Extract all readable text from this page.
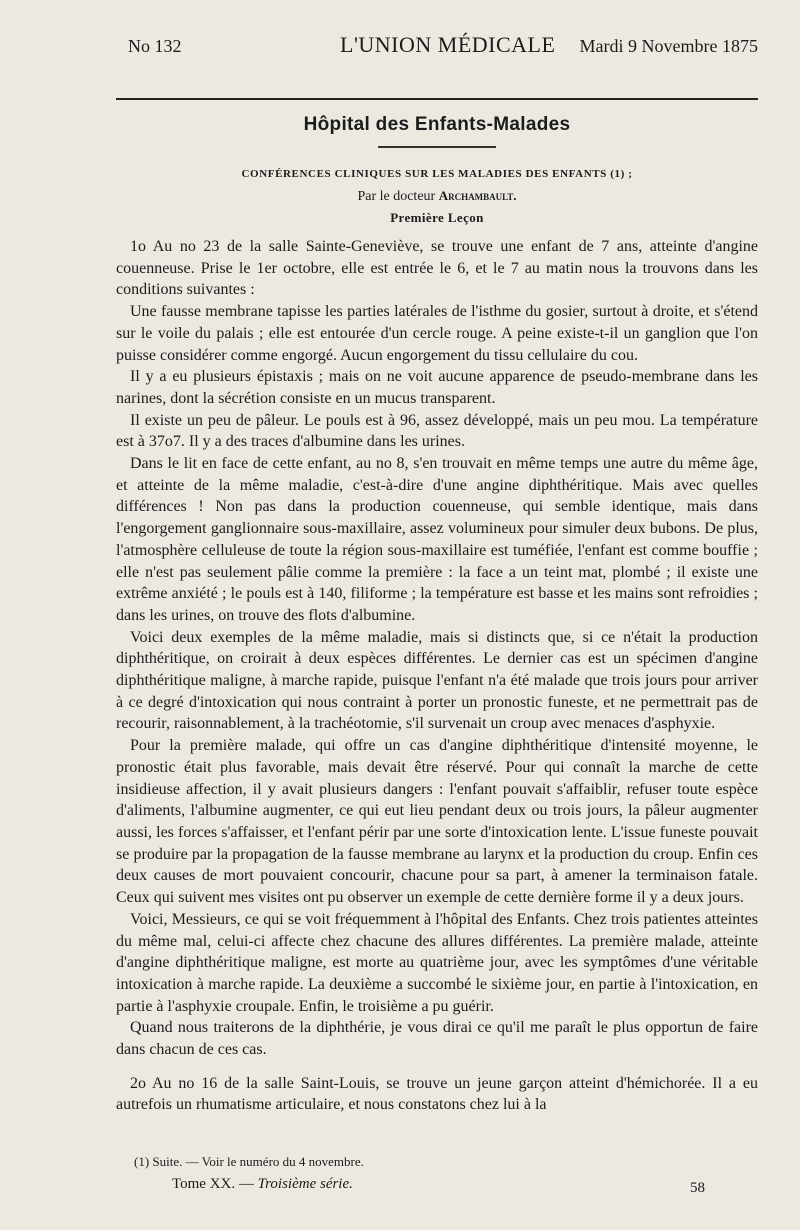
No 132	L'UNION MÉDICALE Mardi 9 Novembre 1875
Hôpital des Enfants-Malades
CONFÉRENCES CLINIQUES SUR LES MALADIES DES ENFANTS (1) ;
Par le docteur Archambault.
Première Leçon

1o Au no 23 de la salle Sainte-Geneviève, se trouve une enfant de 7 ans, atteinte d'angine couenneuse. Prise le 1er octobre, elle est entrée le 6, et le 7 au matin nous la trouvons dans les conditions suivantes :

Une fausse membrane tapisse les parties latérales de l'isthme du gosier, surtout à droite, et s'étend sur le voile du palais ; elle est entourée d'un cercle rouge. A peine existe-t-il un ganglion que l'on puisse considérer comme engorgé. Aucun engorgement du tissu cellulaire du cou.

Il y a eu plusieurs épistaxis ; mais on ne voit aucune apparence de pseudo-membrane dans les narines, dont la sécrétion consiste en un mucus transparent.

Il existe un peu de pâleur. Le pouls est à 96, assez développé, mais un peu mou. La température est à 37o7. Il y a des traces d'albumine dans les urines.

Dans le lit en face de cette enfant, au no 8, s'en trouvait en même temps une autre du même âge, et atteinte de la même maladie, c'est-à-dire d'une angine diphthéritique. Mais avec quelles différences ! Non pas dans la production couenneuse, qui semble identique, mais dans l'engorgement ganglionnaire sous-maxillaire, assez volumineux pour simuler deux bubons. De plus, l'atmosphère celluleuse de toute la région sous-maxillaire est tuméfiée, l'enfant est comme bouffie ; elle n'est pas seulement pâlie comme la première : la face a un teint mat, plombé ; il existe une extrême anxiété ; le pouls est à 140, filiforme ; la température est basse et les mains sont refroidies ; dans les urines, on trouve des flots d'albumine.

Voici deux exemples de la même maladie, mais si distincts que, si ce n'était la production diphthéritique, on croirait à deux espèces différentes. Le dernier cas est un spécimen d'angine diphthéritique maligne, à marche rapide, puisque l'enfant n'a été malade que trois jours pour arriver à ce degré d'intoxication qui nous contraint à porter un pronostic funeste, et ne permettrait pas de recourir, raisonnablement, à la trachéotomie, s'il survenait un croup avec menaces d'asphyxie.

Pour la première malade, qui offre un cas d'angine diphthéritique d'intensité moyenne, le pronostic était plus favorable, mais devait être réservé. Pour qui connaît la marche de cette insidieuse affection, il y avait plusieurs dangers : l'enfant pouvait s'affaiblir, refuser toute espèce d'aliments, l'albumine augmenter, ce qui eut lieu pendant deux ou trois jours, la pâleur augmenter aussi, les forces s'affaisser, et l'enfant périr par une sorte d'intoxication lente. L'issue funeste pouvait se produire par la propagation de la fausse membrane au larynx et la production du croup. Enfin ces deux causes de mort pouvaient concourir, chacune pour sa part, à amener la terminaison fatale. Ceux qui suivent mes visites ont pu observer un exemple de cette dernière forme il y a deux jours.

Voici, Messieurs, ce qui se voit fréquemment à l'hôpital des Enfants. Chez trois patientes atteintes du même mal, celui-ci affecte chez chacune des allures différentes. La première malade, atteinte d'angine diphthéritique maligne, est morte au quatrième jour, avec les symptômes d'une véritable intoxication à marche rapide. La deuxième a succombé le sixième jour, en partie à l'intoxication, en partie à l'asphyxie croupale. Enfin, le troisième a pu guérir.

Quand nous traiterons de la diphthérie, je vous dirai ce qu'il me paraît le plus opportun de faire dans chacun de ces cas.

2o Au no 16 de la salle Saint-Louis, se trouve un jeune garçon atteint d'hémichorée. Il a eu autrefois un rhumatisme articulaire, et nous constatons chez lui à la

(1) Suite. — Voir le numéro du 4 novembre.
Tome XX. — Troisième série.	58
